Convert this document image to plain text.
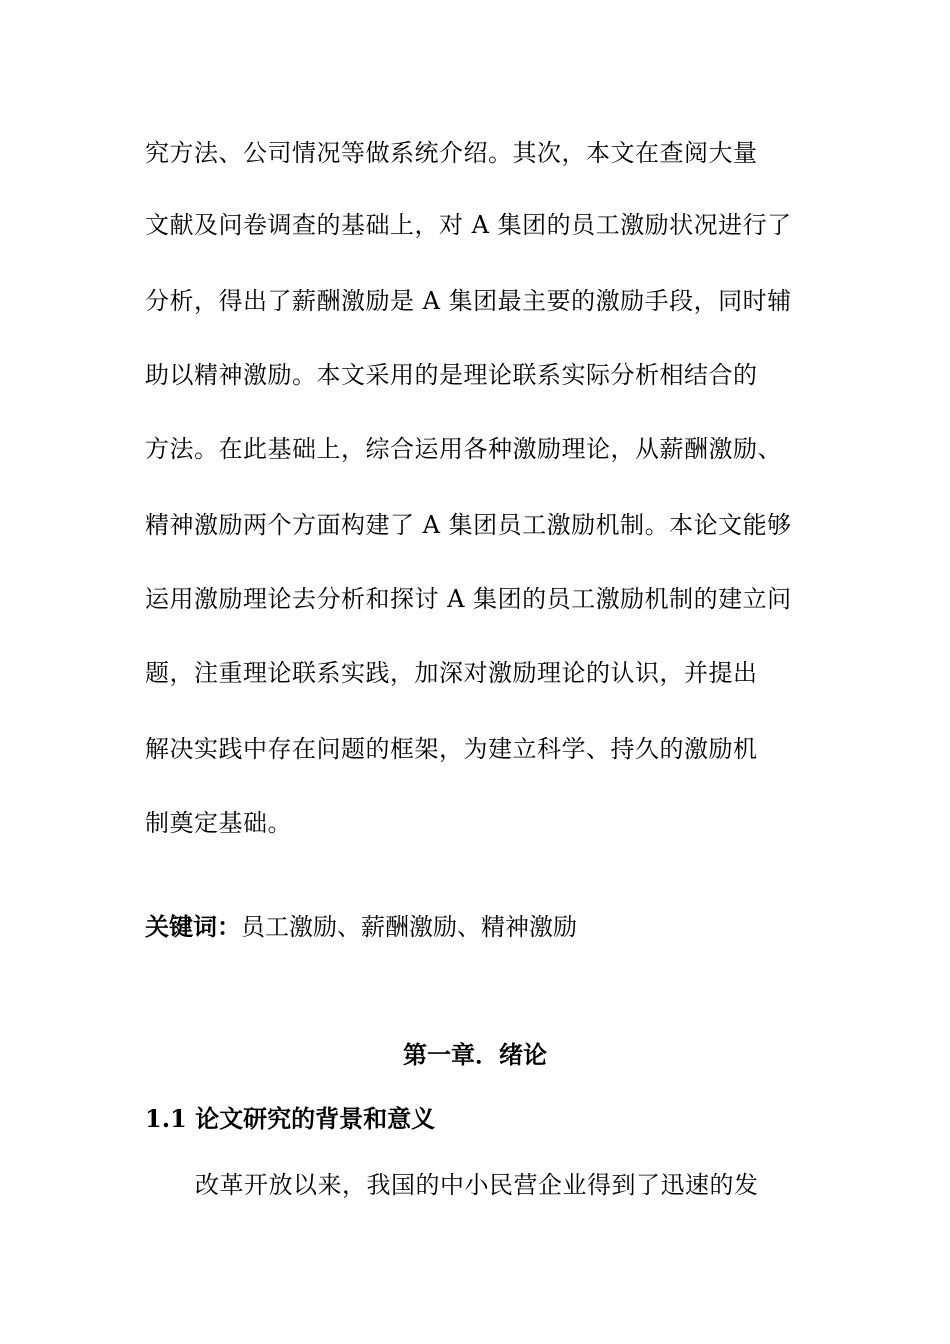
究方法、公司情况等做系统介绍。其次，本文在查阅大量
文献及问卷调查的基础上，对 A 集团的员工激励状况进行了
分析，得出了薪酬激励是 A 集团最主要的激励手段，同时辅
助以精神激励。本文采用的是理论联系实际分析相结合的
方法。在此基础上，综合运用各种激励理论，从薪酬激励、
精神激励两个方面构建了 A 集团员工激励机制。本论文能够
运用激励理论去分析和探讨 A 集团的员工激励机制的建立问
题，注重理论联系实践，加深对激励理论的认识，并提出
解决实践中存在问题的框架，为建立科学、持久的激励机
制奠定基础。
关键词：员工激励、薪酬激励、精神激励
第一章．绪论
1.1 论文研究的背景和意义
改革开放以来，我国的中小民营企业得到了迅速的发
